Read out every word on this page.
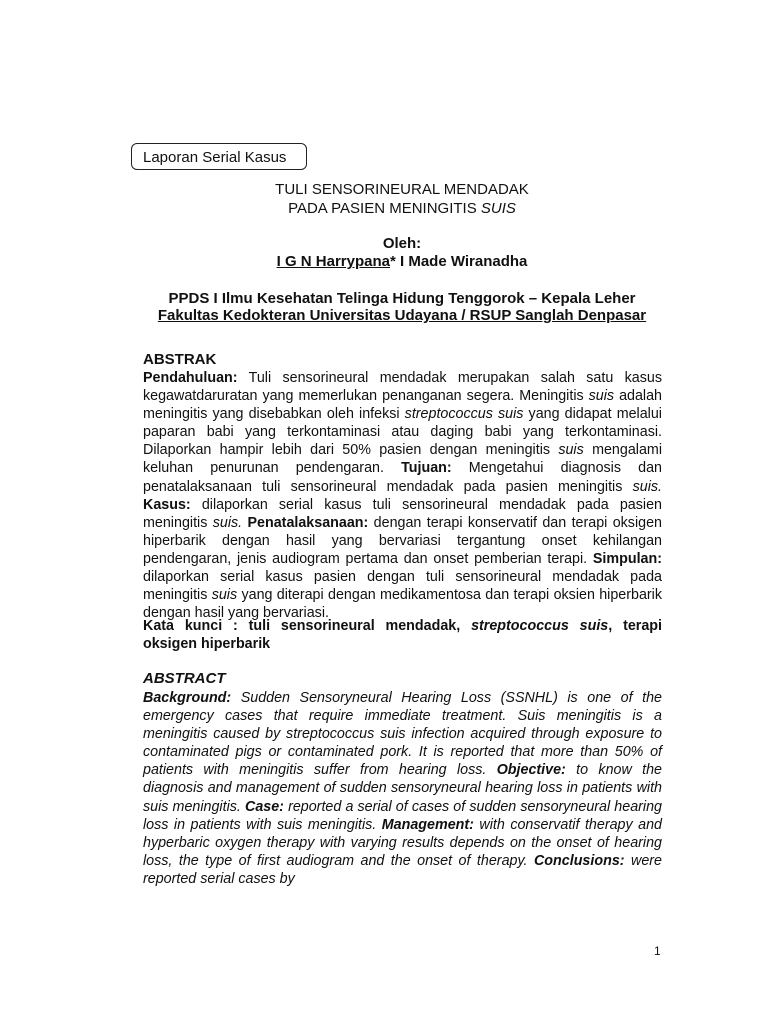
Laporan Serial Kasus
TULI SENSORINEURAL MENDADAK
PADA PASIEN MENINGITIS SUIS
Oleh:
I G N Harrypana* I Made Wiranadha
PPDS I Ilmu Kesehatan Telinga Hidung Tenggorok – Kepala Leher
Fakultas Kedokteran Universitas Udayana / RSUP Sanglah Denpasar
ABSTRAK
Pendahuluan: Tuli sensorineural mendadak merupakan salah satu kasus kegawatdaruratan yang memerlukan penanganan segera. Meningitis suis adalah meningitis yang disebabkan oleh infeksi streptococcus suis yang didapat melalui paparan babi yang terkontaminasi atau daging babi yang terkontaminasi. Dilaporkan hampir lebih dari 50% pasien dengan meningitis suis mengalami keluhan penurunan pendengaran. Tujuan: Mengetahui diagnosis dan penatalaksanaan tuli sensorineural mendadak pada pasien meningitis suis. Kasus: dilaporkan serial kasus tuli sensorineural mendadak pada pasien meningitis suis. Penatalaksanaan: dengan terapi konservatif dan terapi oksigen hiperbarik dengan hasil yang bervariasi tergantung onset kehilangan pendengaran, jenis audiogram pertama dan onset pemberian terapi. Simpulan: dilaporkan serial kasus pasien dengan tuli sensorineural mendadak pada meningitis suis yang diterapi dengan medikamentosa dan terapi oksien hiperbarik dengan hasil yang bervariasi.
Kata kunci : tuli sensorineural mendadak, streptococcus suis, terapi oksigen hiperbarik
ABSTRACT
Background: Sudden Sensoryneural Hearing Loss (SSNHL) is one of the emergency cases that require immediate treatment. Suis meningitis is a meningitis caused by streptococcus suis infection acquired through exposure to contaminated pigs or contaminated pork. It is reported that more than 50% of patients with meningitis suffer from hearing loss. Objective: to know the diagnosis and management of sudden sensoryneural hearing loss in patients with suis meningitis. Case: reported a serial of cases of sudden sensoryneural hearing loss in patients with suis meningitis. Management: with conservatif therapy and hyperbaric oxygen therapy with varying results depends on the onset of hearing loss, the type of first audiogram and the onset of therapy. Conclusions: were reported serial cases by
1
